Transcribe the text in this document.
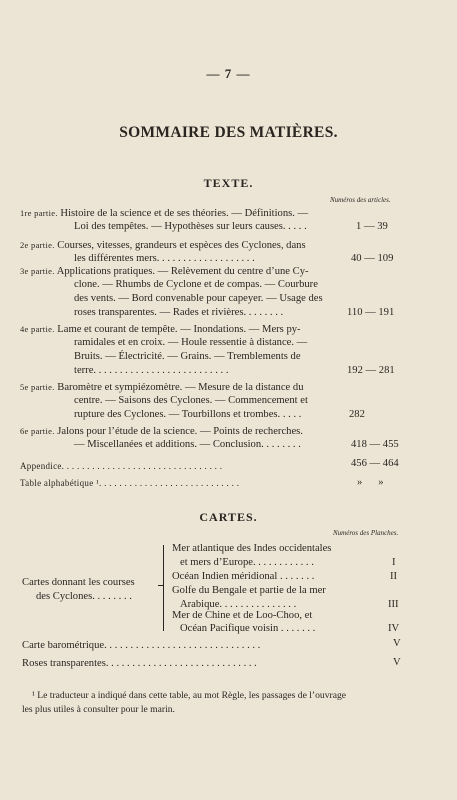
— 7 —
SOMMAIRE DES MATIÈRES.
TEXTE.
Numéros des articles.
1re partie. Histoire de la science et de ses théories. — Définitions. —
Loi des tempêtes. — Hypothèses sur leurs causes. . . . .	1 — 39
2e partie. Courses, vitesses, grandeurs et espèces des Cyclones, dans
les différentes mers. . . . . . . . . . . . . . . . . . .	40 — 109
3e partie. Applications pratiques. — Relèvement du centre d’une Cy-
clone. — Rhumbs de Cyclone et de compas. — Courbure
des vents. — Bord convenable pour capeyer. — Usage des
roses transparentes. — Rades et rivières. . . . . . . .	110 — 191
4e partie. Lame et courant de tempête. — Inondations. — Mers py-
ramidales et en croix. — Houle ressentie à distance. —
Bruits. — Électricité. — Grains. — Tremblements de
terre. . . . . . . . . . . . . . . . . . . . . . . . . .	192 — 281
5e partie. Baromètre et sympiézomètre. — Mesure de la distance du
centre. — Saisons des Cyclones. — Commencement et
rupture des Cyclones. — Tourbillons et trombes. . . . .	282
6e partie. Jalons pour l’étude de la science. — Points de recherches.
— Miscellanées et additions. — Conclusion. . . . . . . .	418 — 455
Appendice. . . . . . . . . . . . . . . . . . . . . . . . . . . . . . . .	456 — 464
Table alphabétique ¹. . . . . . . . . . . . . . . . . . . . . . . . . . . .	»      »
CARTES.
Numéros des Planches.
Cartes donnant les courses
des Cyclones. . . . . . . .
Mer atlantique des Indes occidentales
et mers d’Europe. . . . . . . . . . . .	I
Océan Indien méridional . . . . . . .	II
Golfe du Bengale et partie de la mer
Arabique. . . . . . . . . . . . . . .	III
Mer de Chine et de Loo-Choo, et
Océan Pacifique voisin . . . . . . .	IV
Carte barométrique. . . . . . . . . . . . . . . . . . . . . . . . . . . . . .	V
Roses transparentes. . . . . . . . . . . . . . . . . . . . . . . . . . . . .	V
¹ Le traducteur a indiqué dans cette table, au mot Règle, les passages de l’ouvrage
les plus utiles à consulter pour le marin.
